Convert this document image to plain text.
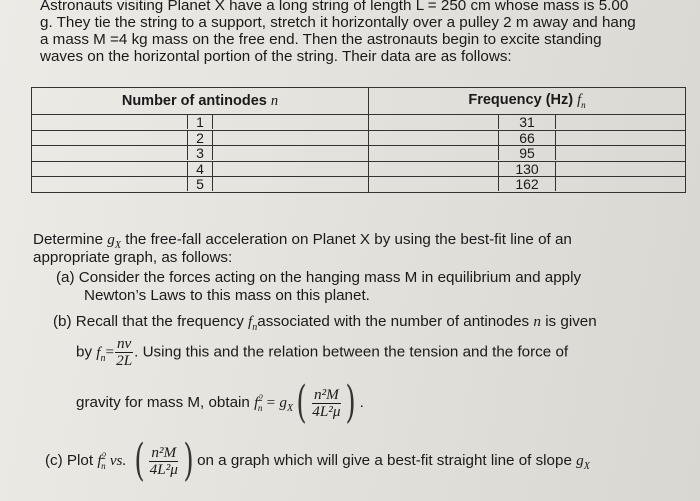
Astronauts visiting Planet X have a long string of length L = 250 cm whose mass is 5.00
g. They tie the string to a support, stretch it horizontally over a pulley 2 m away and hang
a mass M =4 kg mass on the free end. Then the astronauts begin to excite standing
waves on the horizontal portion of the string. Their data are as follows:
Number of antinodes n	Frequency (Hz) $f_n$
1	31
2	66
3	95
4	130
5	162
Determine $g_X$ the free-fall acceleration on Planet X by using the best-fit line of an
appropriate graph, as follows:
(a) Consider the forces acting on the hanging mass M in equilibrium and apply
Newton’s Laws to this mass on this planet.
(b) Recall that the frequency $f_nassociated$ with the number of antinodes n is given
by $f_n= \frac{nv}{2L}$ . Using this and the relation between the tension and the force of
gravity for mass M, obtain $f^2_n = g_X$ ( $\frac{\text{n²M}}{\text{4L²μ}}$ ) .
(c) Plot $f^2_n$ vs. ( $\frac{\text{n²M}}{\text{4L²μ}}$ ) on a graph which will give a best-fit straight line of slope $g_X$
